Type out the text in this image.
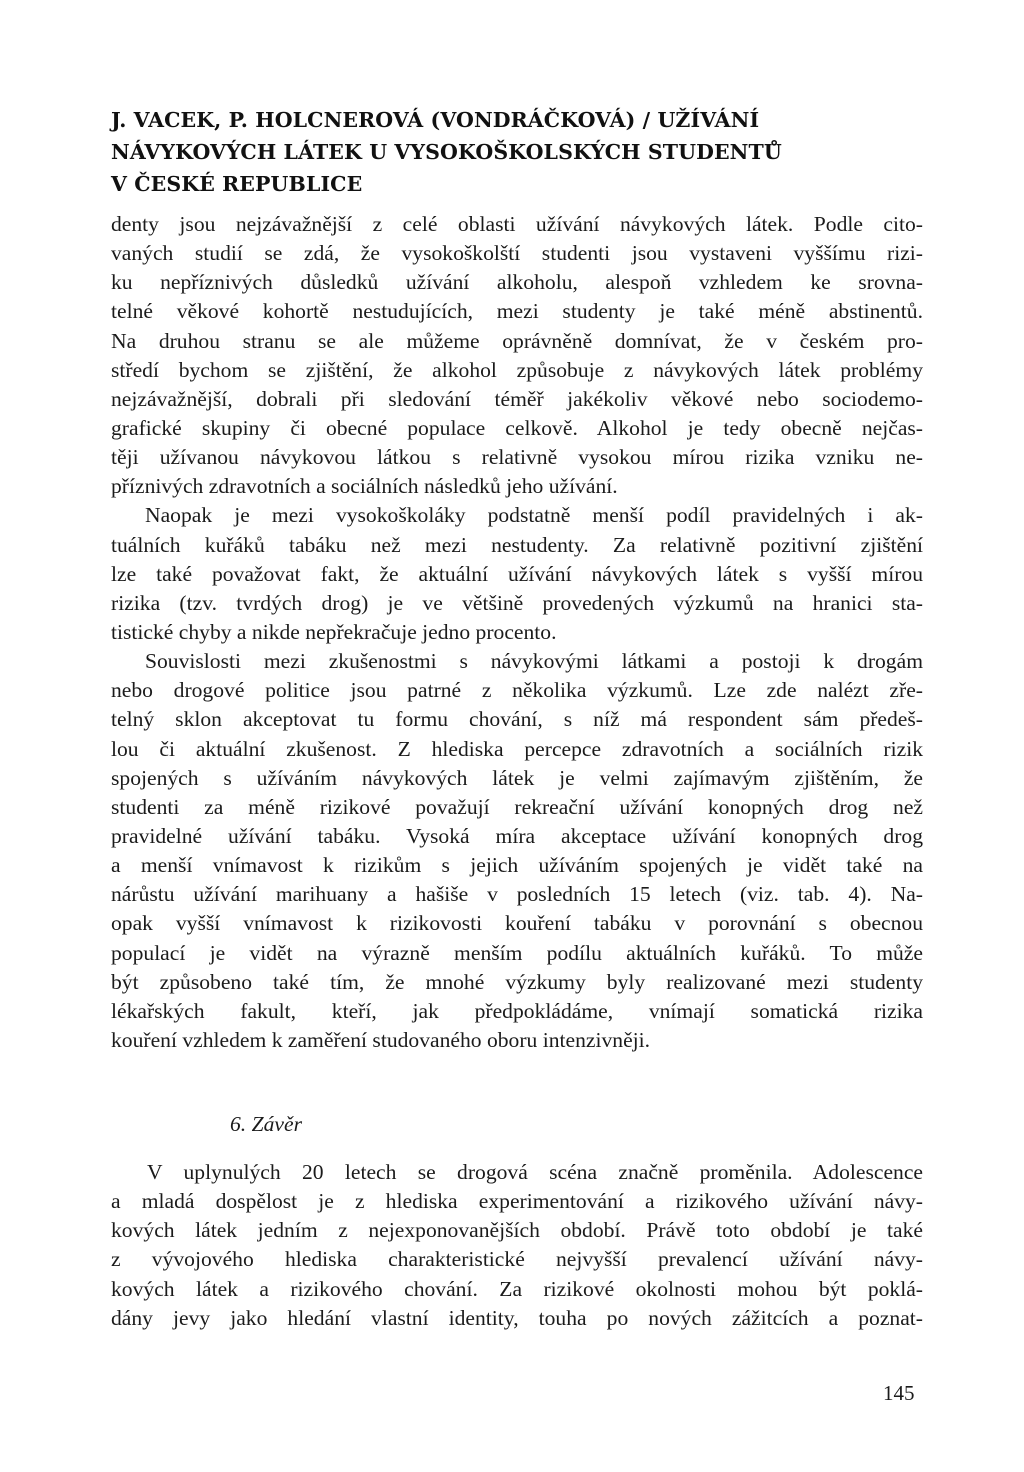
J. VACEK, P. HOLCNEROVÁ (VONDRÁČKOVÁ) / UŽÍVÁNÍ
NÁVYKOVÝCH LÁTEK U VYSOKOŠKOLSKÝCH STUDENTŮ
V ČESKÉ REPUBLICE
denty jsou nejzávažnější z celé oblasti užívání návykových látek. Podle cito-
vaných studií se zdá, že vysokoškolští studenti jsou vystaveni vyššímu rizi-
ku nepříznivých důsledků užívání alkoholu, alespoň vzhledem ke srovna-
telné věkové kohortě nestudujících, mezi studenty je také méně abstinentů.
Na druhou stranu se ale můžeme oprávněně domnívat, že v českém pro-
středí bychom se zjištění, že alkohol způsobuje z návykových látek problémy
nejzávažnější, dobrali při sledování téměř jakékoliv věkové nebo sociodemo-
grafické skupiny či obecné populace celkově. Alkohol je tedy obecně nejčas-
těji užívanou návykovou látkou s relativně vysokou mírou rizika vzniku ne-
příznivých zdravotních a sociálních následků jeho užívání.
Naopak je mezi vysokoškoláky podstatně menší podíl pravidelných i ak-
tuálních kuřáků tabáku než mezi nestudenty. Za relativně pozitivní zjištění
lze také považovat fakt, že aktuální užívání návykových látek s vyšší mírou
rizika (tzv. tvrdých drog) je ve většině provedených výzkumů na hranici sta-
tistické chyby a nikde nepřekračuje jedno procento.
Souvislosti mezi zkušenostmi s návykovými látkami a postoji k drogám
nebo drogové politice jsou patrné z několika výzkumů. Lze zde nalézt zře-
telný sklon akceptovat tu formu chování, s níž má respondent sám předeš-
lou či aktuální zkušenost. Z hlediska percepce zdravotních a sociálních rizik
spojených s užíváním návykových látek je velmi zajímavým zjištěním, že
studenti za méně rizikové považují rekreační užívání konopných drog než
pravidelné užívání tabáku. Vysoká míra akceptace užívání konopných drog
a menší vnímavost k rizikům s jejich užíváním spojených je vidět také na
nárůstu užívání marihuany a hašiše v posledních 15 letech (viz. tab. 4). Na-
opak vyšší vnímavost k rizikovosti kouření tabáku v porovnání s obecnou
populací je vidět na výrazně menším podílu aktuálních kuřáků. To může
být způsobeno také tím, že mnohé výzkumy byly realizované mezi studenty
lékařských fakult, kteří, jak předpokládáme, vnímají somatická rizika
kouření vzhledem k zaměření studovaného oboru intenzivněji.
6. Závěr
V uplynulých 20 letech se drogová scéna značně proměnila. Adolescence
a mladá dospělost je z hlediska experimentování a rizikového užívání návy-
kových látek jedním z nejexponovanějších období. Právě toto období je také
z vývojového hlediska charakteristické nejvyšší prevalencí užívání návy-
kových látek a rizikového chování. Za rizikové okolnosti mohou být poklá-
dány jevy jako hledání vlastní identity, touha po nových zážitcích a poznat-
145
